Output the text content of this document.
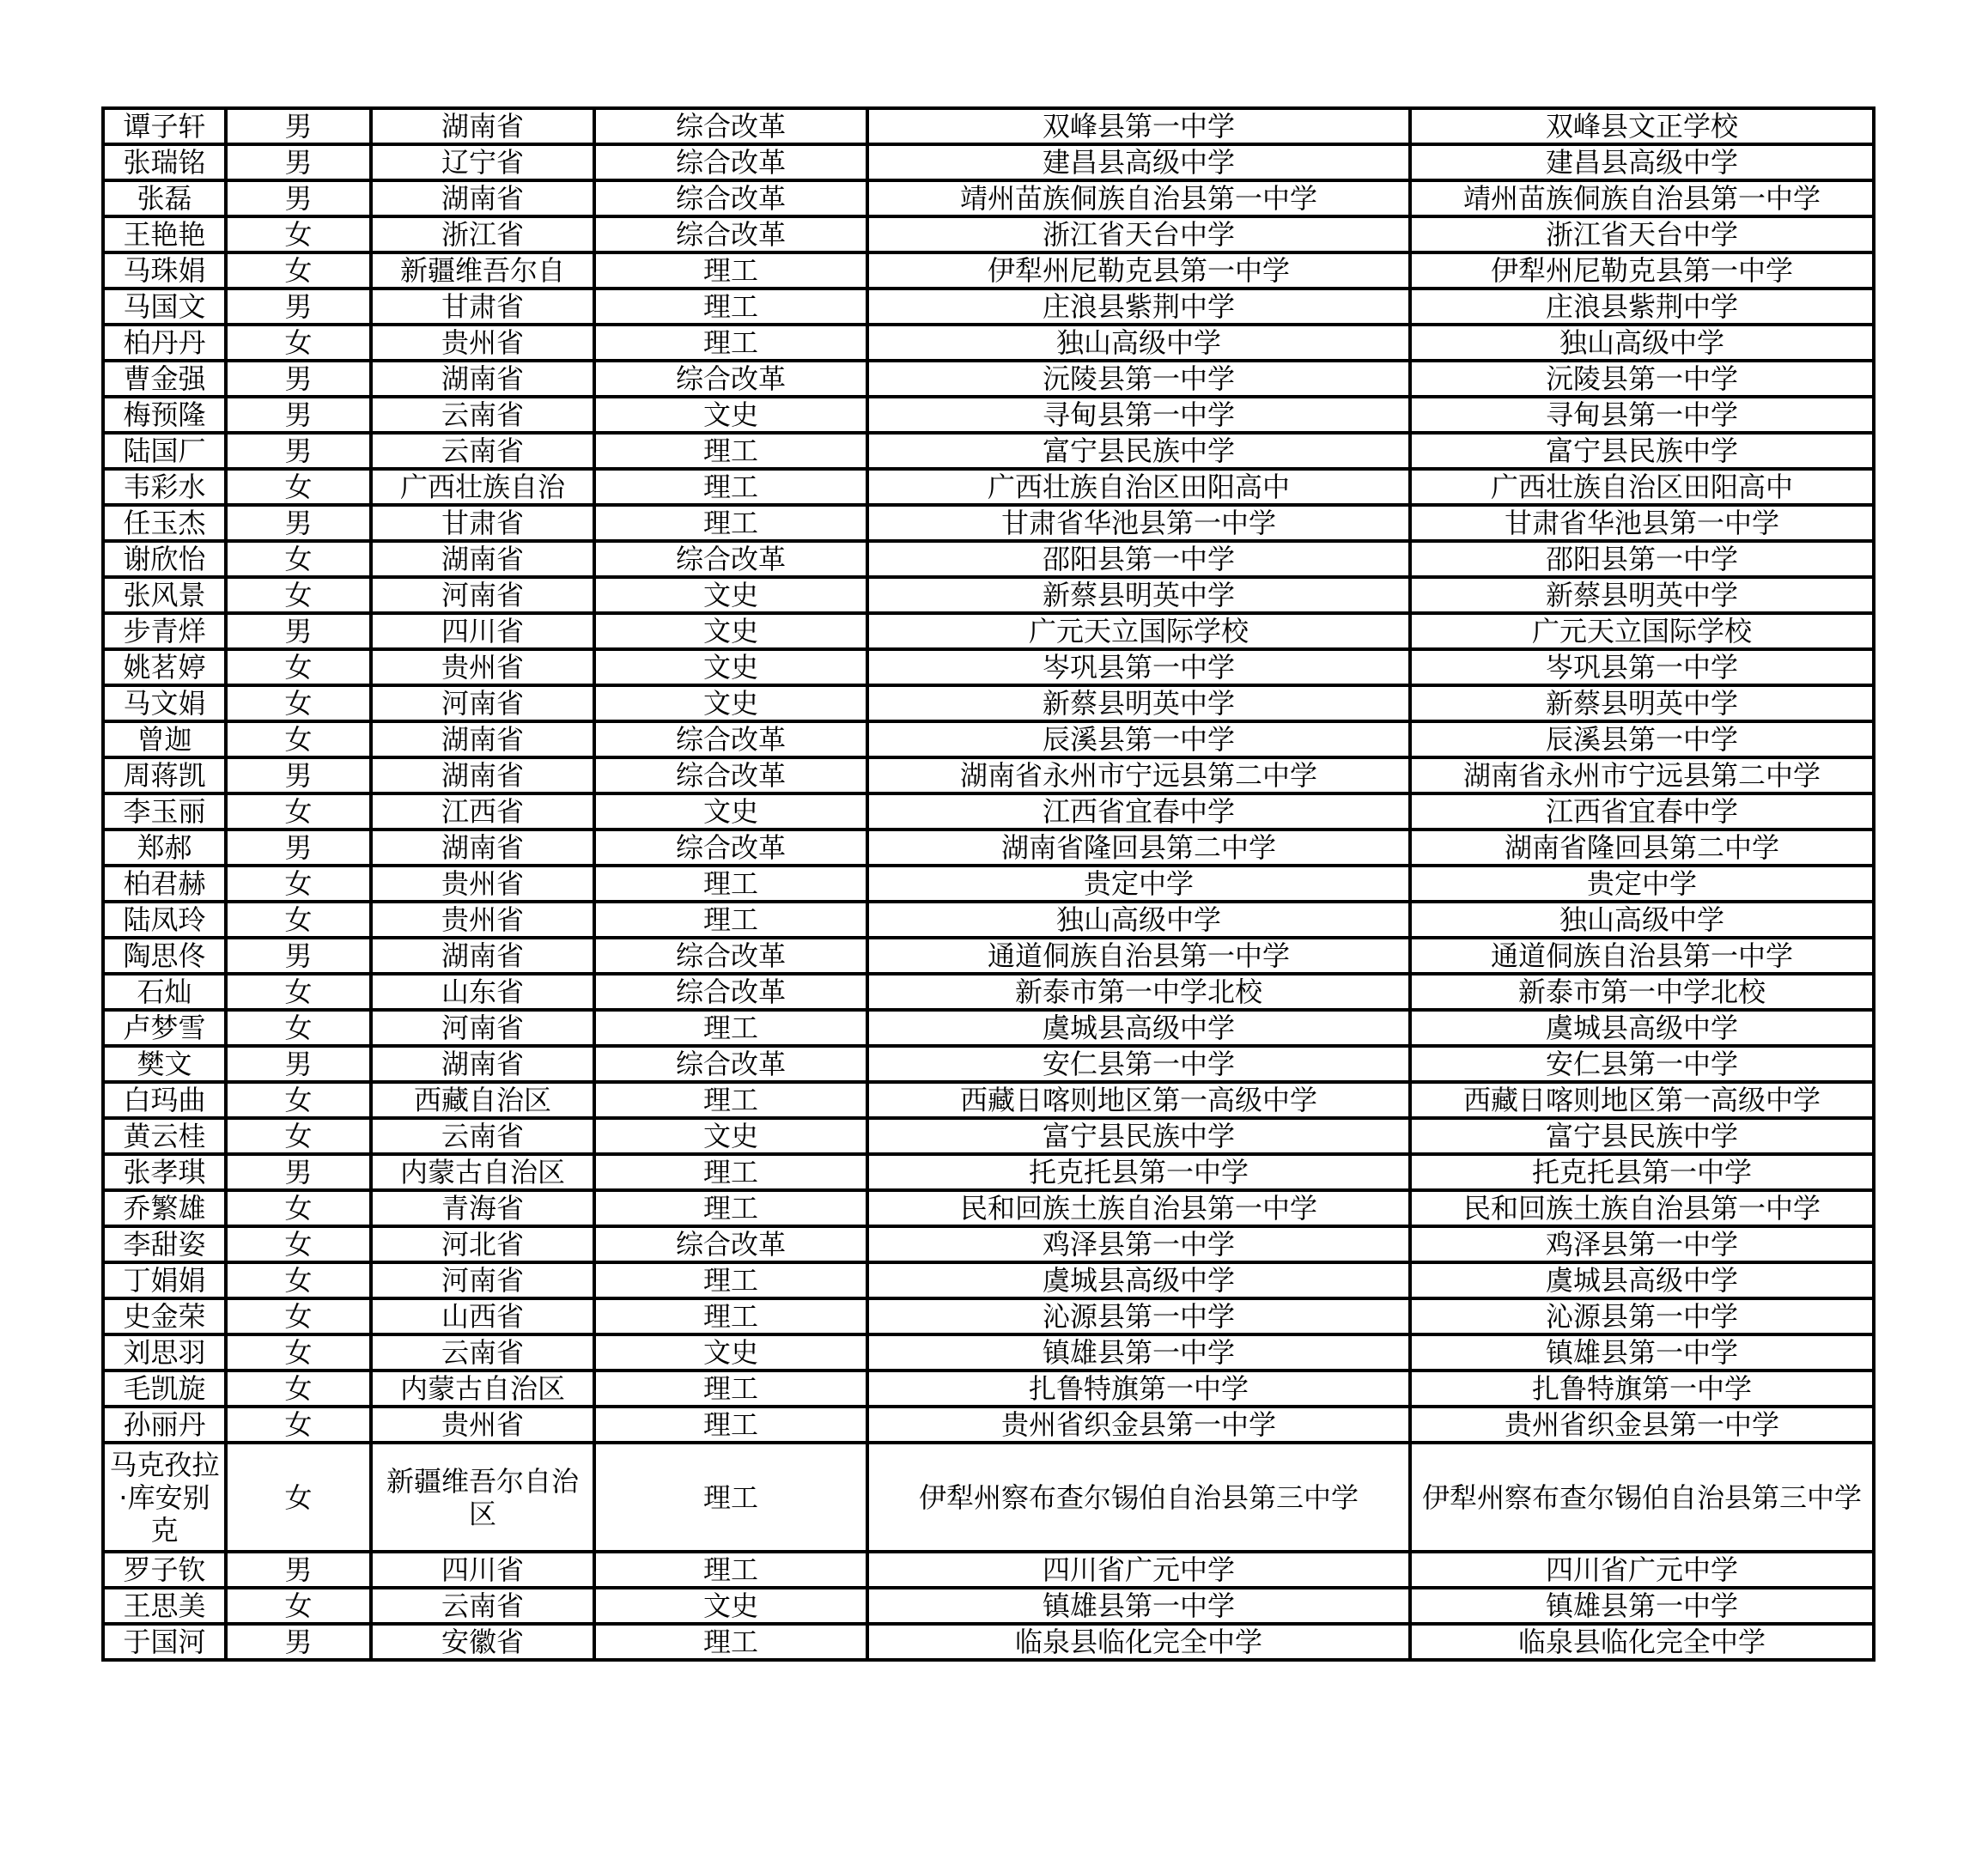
谭子轩	男	湖南省	综合改革	双峰县第一中学	双峰县文正学校
张瑞铭	男	辽宁省	综合改革	建昌县高级中学	建昌县高级中学
张磊	男	湖南省	综合改革	靖州苗族侗族自治县第一中学	靖州苗族侗族自治县第一中学
王艳艳	女	浙江省	综合改革	浙江省天台中学	浙江省天台中学
马珠娟	女	新疆维吾尔自	理工	伊犁州尼勒克县第一中学	伊犁州尼勒克县第一中学
马国文	男	甘肃省	理工	庄浪县紫荆中学	庄浪县紫荆中学
柏丹丹	女	贵州省	理工	独山高级中学	独山高级中学
曹金强	男	湖南省	综合改革	沅陵县第一中学	沅陵县第一中学
梅预隆	男	云南省	文史	寻甸县第一中学	寻甸县第一中学
陆国厂	男	云南省	理工	富宁县民族中学	富宁县民族中学
韦彩水	女	广西壮族自治	理工	广西壮族自治区田阳高中	广西壮族自治区田阳高中
任玉杰	男	甘肃省	理工	甘肃省华池县第一中学	甘肃省华池县第一中学
谢欣怡	女	湖南省	综合改革	邵阳县第一中学	邵阳县第一中学
张风景	女	河南省	文史	新蔡县明英中学	新蔡县明英中学
步青烊	男	四川省	文史	广元天立国际学校	广元天立国际学校
姚茗婷	女	贵州省	文史	岑巩县第一中学	岑巩县第一中学
马文娟	女	河南省	文史	新蔡县明英中学	新蔡县明英中学
曾迦	女	湖南省	综合改革	辰溪县第一中学	辰溪县第一中学
周蒋凯	男	湖南省	综合改革	湖南省永州市宁远县第二中学	湖南省永州市宁远县第二中学
李玉丽	女	江西省	文史	江西省宜春中学	江西省宜春中学
郑郝	男	湖南省	综合改革	湖南省隆回县第二中学	湖南省隆回县第二中学
柏君赫	女	贵州省	理工	贵定中学	贵定中学
陆凤玲	女	贵州省	理工	独山高级中学	独山高级中学
陶思佟	男	湖南省	综合改革	通道侗族自治县第一中学	通道侗族自治县第一中学
石灿	女	山东省	综合改革	新泰市第一中学北校	新泰市第一中学北校
卢梦雪	女	河南省	理工	虞城县高级中学	虞城县高级中学
樊文	男	湖南省	综合改革	安仁县第一中学	安仁县第一中学
白玛曲	女	西藏自治区	理工	西藏日喀则地区第一高级中学	西藏日喀则地区第一高级中学
黄云桂	女	云南省	文史	富宁县民族中学	富宁县民族中学
张孝琪	男	内蒙古自治区	理工	托克托县第一中学	托克托县第一中学
乔繁雄	女	青海省	理工	民和回族土族自治县第一中学	民和回族土族自治县第一中学
李甜姿	女	河北省	综合改革	鸡泽县第一中学	鸡泽县第一中学
丁娟娟	女	河南省	理工	虞城县高级中学	虞城县高级中学
史金荣	女	山西省	理工	沁源县第一中学	沁源县第一中学
刘思羽	女	云南省	文史	镇雄县第一中学	镇雄县第一中学
毛凯旋	女	内蒙古自治区	理工	扎鲁特旗第一中学	扎鲁特旗第一中学
孙丽丹	女	贵州省	理工	贵州省织金县第一中学	贵州省织金县第一中学
马克孜拉·库安别克	女	新疆维吾尔自治区	理工	伊犁州察布查尔锡伯自治县第三中学	伊犁州察布查尔锡伯自治县第三中学
罗子钦	男	四川省	理工	四川省广元中学	四川省广元中学
王思美	女	云南省	文史	镇雄县第一中学	镇雄县第一中学
于国河	男	安徽省	理工	临泉县临化完全中学	临泉县临化完全中学
